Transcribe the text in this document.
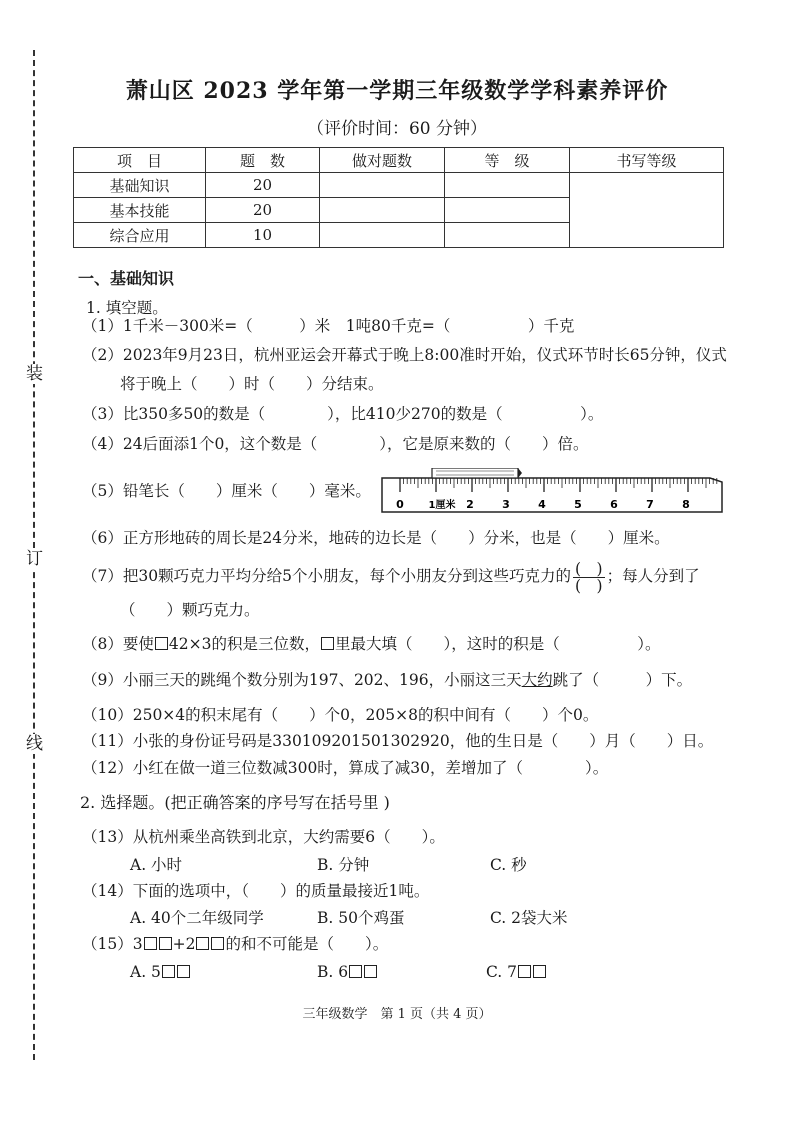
装
订
线
萧山区 2023 学年第一学期三年级数学学科素养评价
（评价时间：60 分钟）
项　目	题　数	做对题数	等　级	书写等级
基础知识	20			
基本技能	20			
综合应用	10			
一、基础知识
1. 填空题。
（1）1千米－300米=（　　　）米　1吨80千克=（　　　　　）千克
（2）2023年9月23日，杭州亚运会开幕式于晚上8:00准时开始，仪式环节时长65分钟，仪式
将于晚上（　　）时（　　）分结束。
（3）比350多50的数是（　　　　），比410少270的数是（　　　　　）。
（4）24后面添1个0，这个数是（　　　　），它是原来数的（　　）倍。
（5）铅笔长（　　）厘米（　　）毫米。
0 1厘米 2	3	4	5	6	7	8
（6）正方形地砖的周长是24分米，地砖的边长是（　　）分米，也是（　　）厘米。
（7）把30颗巧克力平均分给5个小朋友，每个小朋友分到这些巧克力的 $\frac{( )}{( )}$ ；每人分到了
（　　）颗巧克力。
（8）要使 42×3的积是三位数， 里最大填（　　），这时的积是（　　　　　）。
（9）小丽三天的跳绳个数分别为197、202、196，小丽这三天大约跳了（　　　）下。
（10）250×4的积末尾有（　　）个0，205×8的积中间有（　　）个0。
（11）小张的身份证号码是330109201501302920，他的生日是（　　）月（　　）日。
（12）小红在做一道三位数减300时，算成了减30，差增加了（　　　　）。
2. 选择题。(把正确答案的序号写在括号里 )
（13）从杭州乘坐高铁到北京，大约需要6（　　）。
A. 小时	B. 分钟	C. 秒
（14）下面的选项中，（　　）的质量最接近1吨。
A. 40个二年级同学	B. 50个鸡蛋	C. 2袋大米
（15）3 +2 的和不可能是（　　）。
A. 5	B. 6	C. 7
三年级数学　第 1 页（共 4 页）
